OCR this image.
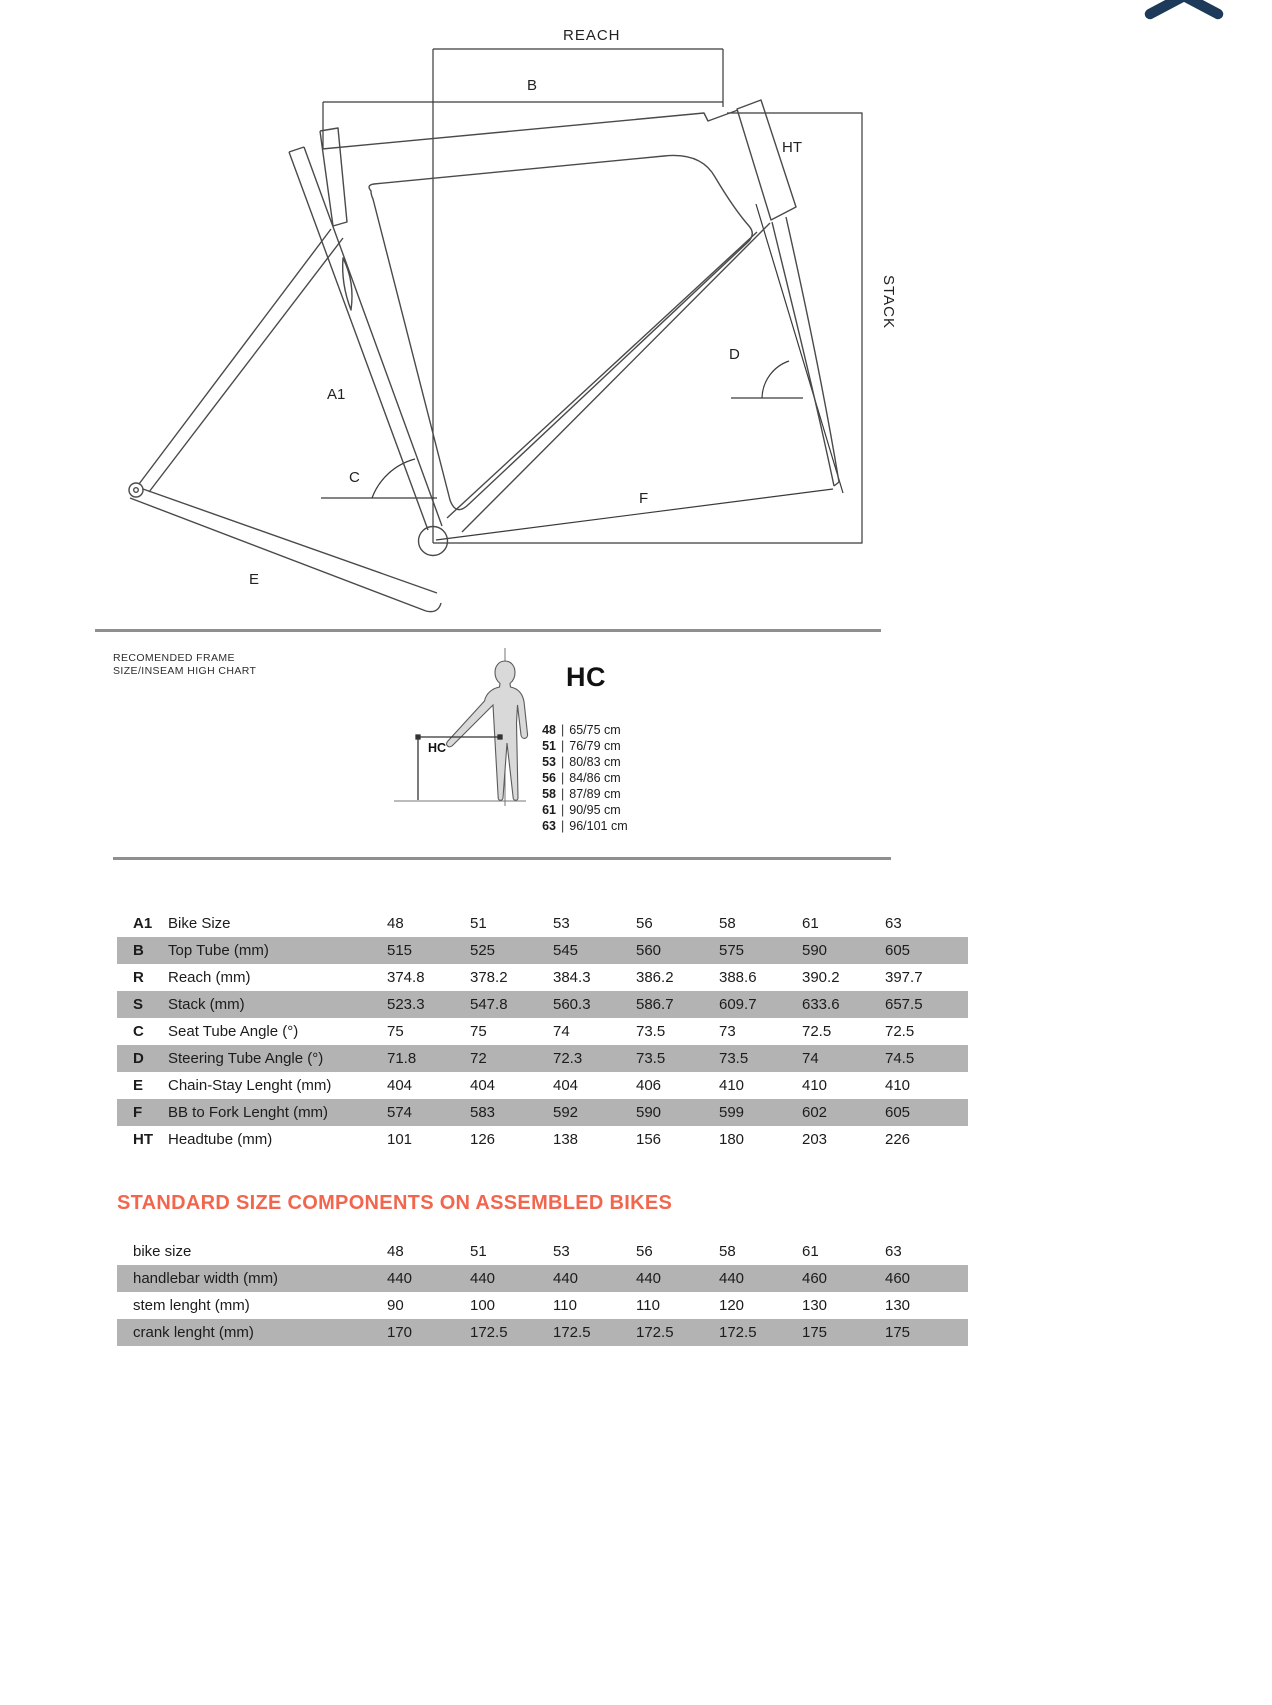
REACH
B
HT
STACK
A1
C
D
E
F
RECOMENDED FRAME
SIZE/INSEAM HIGH CHART
HC
HC
48 | 65/75 cm
51 | 76/79 cm
53 | 80/83 cm
56 | 84/86 cm
58 | 87/89 cm
61 | 90/95 cm
63 | 96/101 cm
A1	Bike Size	48	51	53	56	58	61	63
B	Top Tube (mm)	515	525	545	560	575	590	605
R	Reach (mm)	374.8	378.2	384.3	386.2	388.6	390.2	397.7
S	Stack (mm)	523.3	547.8	560.3	586.7	609.7	633.6	657.5
C	Seat Tube Angle (°)	75	75	74	73.5	73	72.5	72.5
D	Steering Tube Angle (°)	71.8	72	72.3	73.5	73.5	74	74.5
E	Chain-Stay Lenght (mm)	404	404	404	406	410	410	410
F	BB to Fork Lenght (mm)	574	583	592	590	599	602	605
HT	Headtube (mm)	101	126	138	156	180	203	226
STANDARD SIZE COMPONENTS ON ASSEMBLED BIKES
bike size	48	51	53	56	58	61	63
handlebar width (mm)	440	440	440	440	440	460	460
stem lenght (mm)	90	100	110	110	120	130	130
crank lenght (mm)	170	172.5	172.5	172.5	172.5	175	175
